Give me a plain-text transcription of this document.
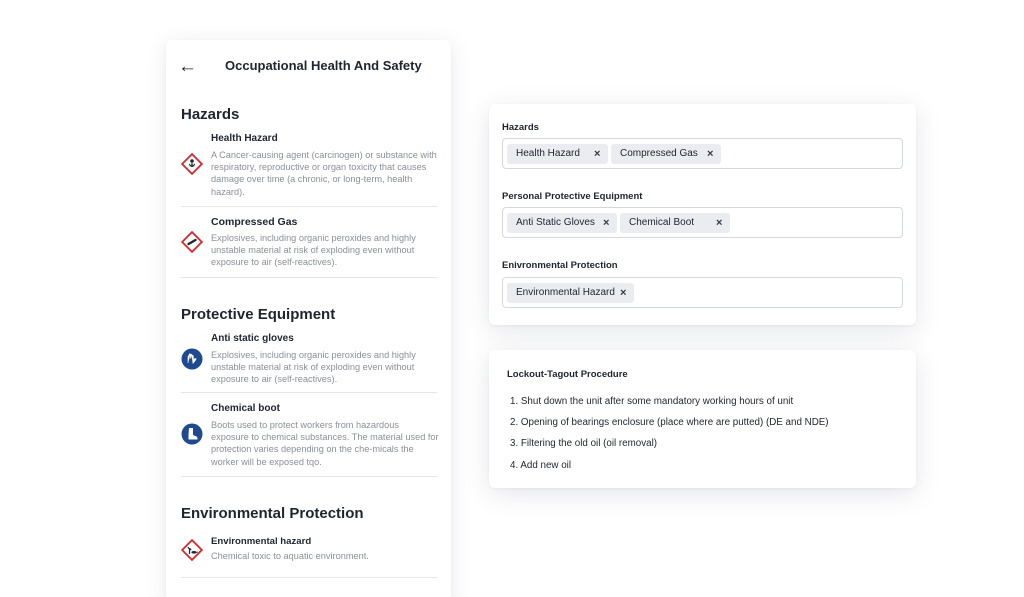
← Occupational Health And Safety
Hazards
Health Hazard
A Cancer-causing agent (carcinogen) or substance with respiratory, reproductive or organ toxicity that causes damage over time (a chronic, or long-term, health hazard).
Compressed Gas
Explosives, including organic peroxides and highly unstable material at risk of exploding even without exposure to air (self-reactives).
Protective Equipment
Anti static gloves
Explosives, including organic peroxides and highly unstable material at risk of exploding even without exposure to air (self-reactives).
Chemical boot
Boots used to protect workers from hazardous exposure to chemical substances. The material used for protection varies depending on the che-micals the worker will be exposed tqo.
Environmental Protection
Environmental hazard
Chemical toxic to aquatic environment.
Hazards
Health Hazard ×	Compressed Gas ×
Personal Protective Equipment
Anti Static Gloves ×	Chemical Boot ×
Enivronmental Protection
Environmental Hazard ×
Lockout-Tagout Procedure
1. Shut down the unit after some mandatory working hours of unit
2. Opening of bearings enclosure (place where are putted) (DE and NDE)
3. Filtering the old oil (oil removal)
4. Add new oil
